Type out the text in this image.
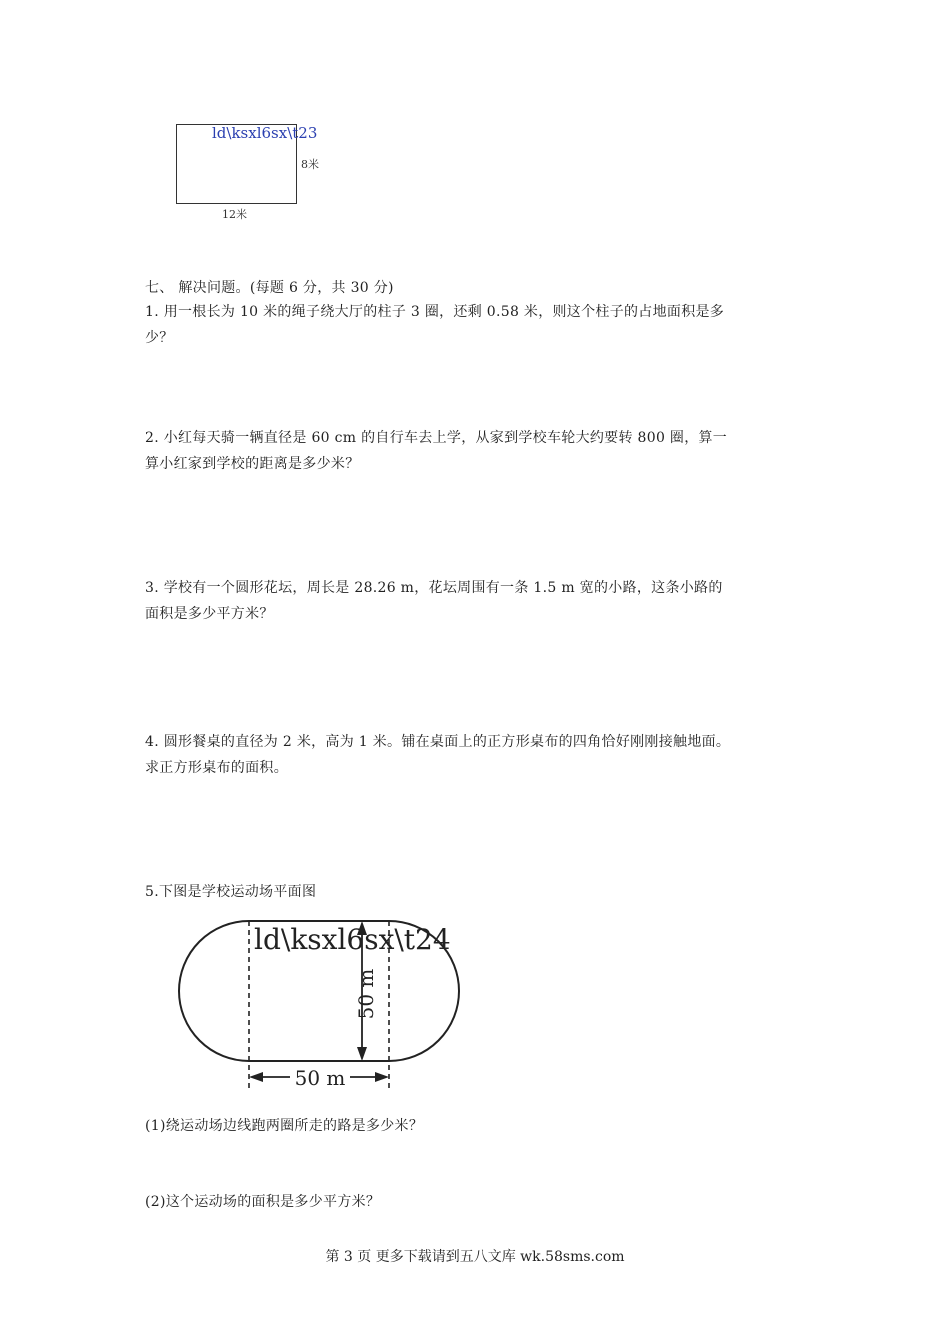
ld\ksxl6sx\t23
8米
12米
七、 解决问题。(每题 6 分，共 30 分)
1. 用一根长为 10 米的绳子绕大厅的柱子 3 圈，还剩 0.58 米，则这个柱子的占地面积是多
少？
2. 小红每天骑一辆直径是 60 cm 的自行车去上学，从家到学校车轮大约要转 800 圈，算一
算小红家到学校的距离是多少米？
3. 学校有一个圆形花坛，周长是 28.26 m，花坛周围有一条 1.5 m 宽的小路，这条小路的
面积是多少平方米？
4. 圆形餐桌的直径为 2 米，高为 1 米。铺在桌面上的正方形桌布的四角恰好刚刚接触地面。
求正方形桌布的面积。
5.下图是学校运动场平面图
50 m
50 m
ld\ksxl6sx\t24
(1)绕运动场边线跑两圈所走的路是多少米？
(2)这个运动场的面积是多少平方米？
第 3 页 更多下载请到五八文库 wk.58sms.com
